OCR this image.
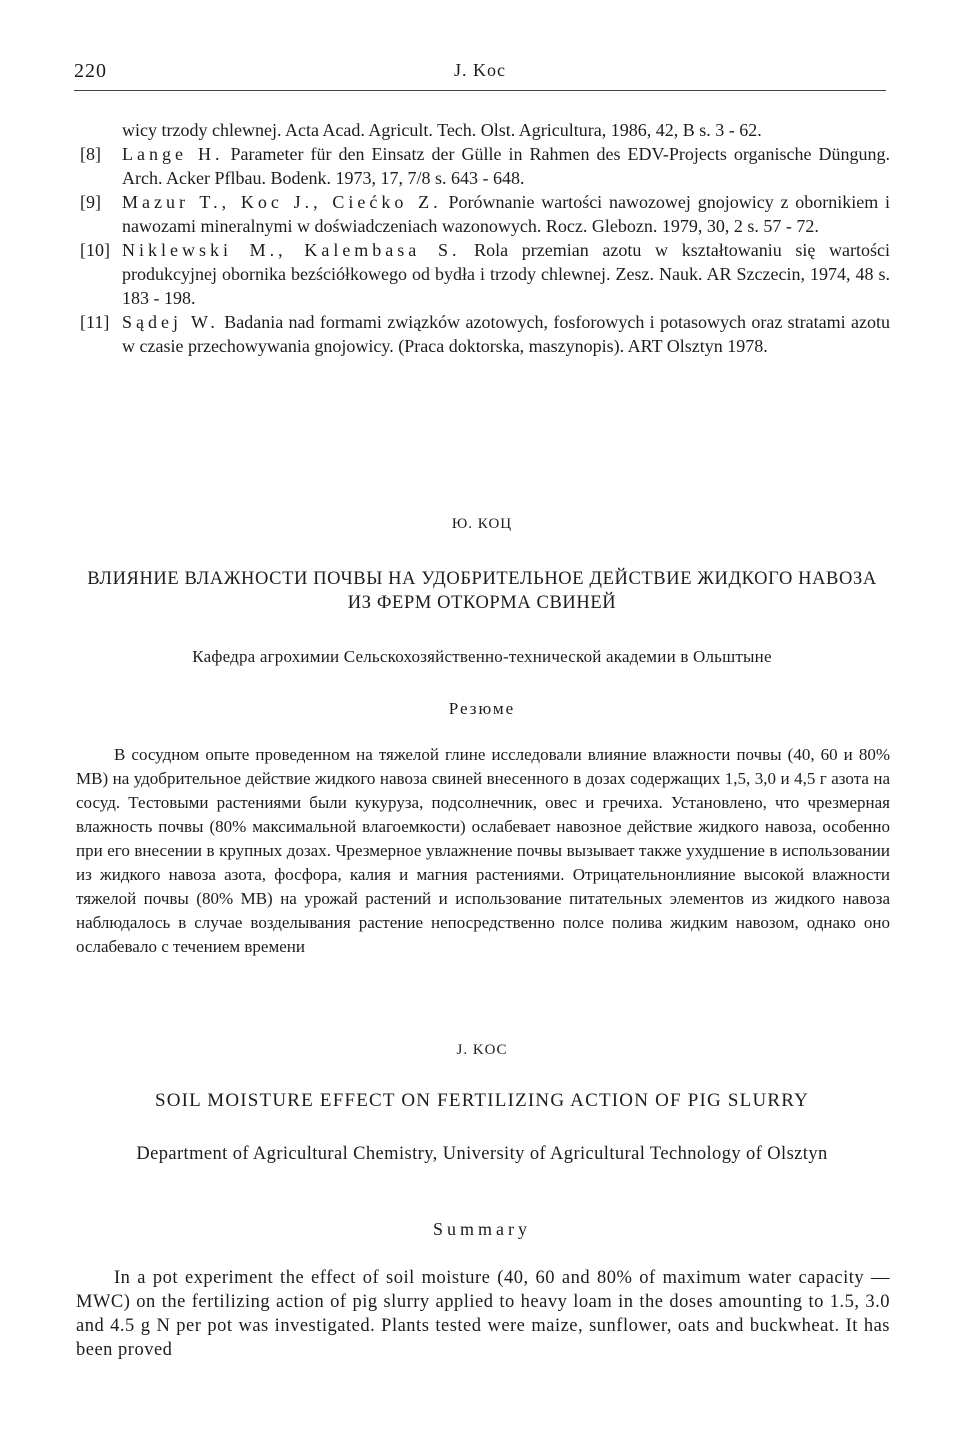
220	J. Koc
wicy trzody chlewnej. Acta Acad. Agricult. Tech. Olst. Agricultura, 1986, 42, B s. 3 - 62.
[8] Lange H. Parameter für den Einsatz der Gülle in Rahmen des EDV-Projects organische Düngung. Arch. Acker Pflbau. Bodenk. 1973, 17, 7/8 s. 643 - 648.
[9] Mazur T., Koc J., Ciećko Z. Porównanie wartości nawozowej gnojowicy z obornikiem i nawozami mineralnymi w doświadczeniach wazonowych. Rocz. Glebozn. 1979, 30, 2 s. 57 - 72.
[10] Niklewski M., Kalembasa S. Rola przemian azotu w kształtowaniu się wartości produkcyjnej obornika bezściółkowego od bydła i trzody chlewnej. Zesz. Nauk. AR Szczecin, 1974, 48 s. 183 - 198.
[11] Sądej W. Badania nad formami związków azotowych, fosforowych i potasowych oraz stratami azotu w czasie przechowywania gnojowicy. (Praca doktorska, maszynopis). ART Olsztyn 1978.
Ю. КОЦ
ВЛИЯНИЕ ВЛАЖНОСТИ ПОЧВЫ НА УДОБРИТЕЛЬНОЕ ДЕЙСТВИЕ ЖИДКОГО НАВОЗА ИЗ ФЕРМ ОТКОРМА СВИНЕЙ
Кафедра агрохимии Сельскохозяйственно-технической академии в Ольштыне
Резюме
В сосудном опыте проведенном на тяжелой глине исследовали влияние влажности почвы (40, 60 и 80% МВ) на удобрительное действие жидкого навоза свиней внесенного в дозах содержащих 1,5, 3,0 и 4,5 г азота на сосуд. Тестовыми растениями были кукуруза, подсолнечник, овес и гречиха. Установлено, что чрезмерная влажность почвы (80% максимальной влагоемкости) ослабевает навозное действие жидкого навоза, особенно при его внесении в крупных дозах. Чрезмерное увлажнение почвы вызывает также ухудшение в использовании из жидкого навоза азота, фосфора, калия и магния растениями. Отрицательнонлияние высокой влажности тяжелой почвы (80% МВ) на урожай растений и использование питательных элементов из жидкого навоза наблюдалось в случае возделывания растение непосредственно полсе полива жидким навозом, однако оно ослабевало с течением времени
J. KOC
SOIL MOISTURE EFFECT ON FERTILIZING ACTION OF PIG SLURRY
Department of Agricultural Chemistry, University of Agricultural Technology of Olsztyn
Summary
In a pot experiment the effect of soil moisture (40, 60 and 80% of maximum water capacity — MWC) on the fertilizing action of pig slurry applied to heavy loam in the doses amounting to 1.5, 3.0 and 4.5 g N per pot was investigated. Plants tested were maize, sunflower, oats and buckwheat. It has been proved
